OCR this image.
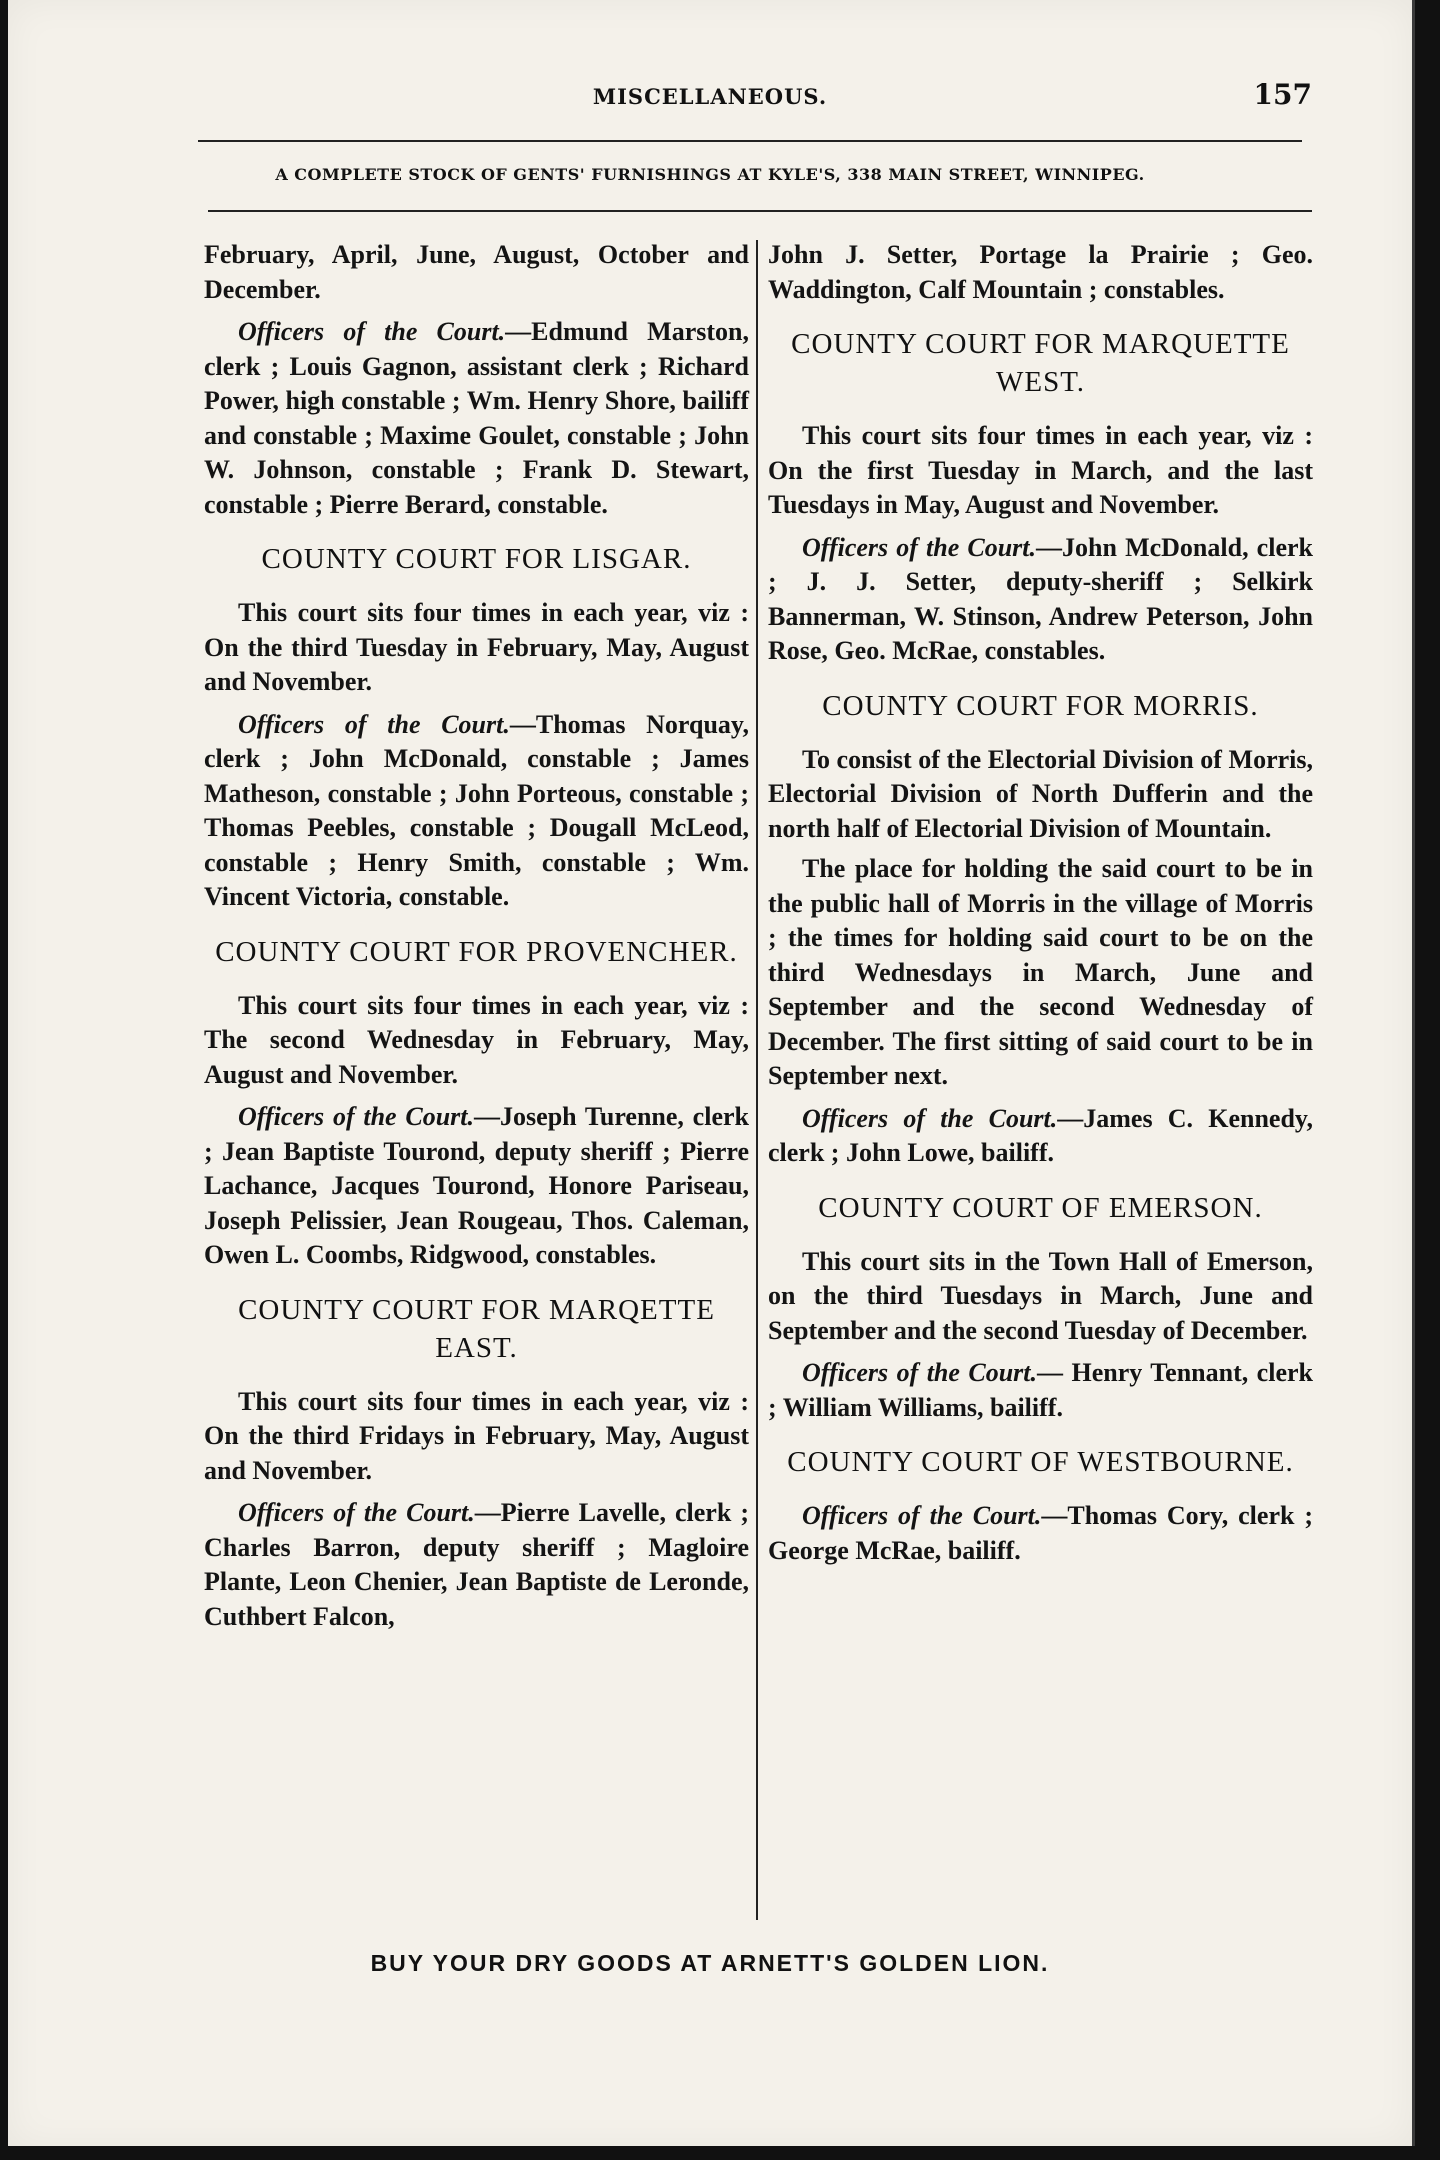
MISCELLANEOUS.	157
A COMPLETE STOCK OF GENTS' FURNISHINGS AT KYLE'S, 338 MAIN STREET, WINNIPEG.

February, April, June, August, October and December.

Officers of the Court.—Edmund Marston, clerk ; Louis Gagnon, assistant clerk ; Richard Power, high constable ; Wm. Henry Shore, bailiff and constable ; Maxime Goulet, constable ; John W. Johnson, constable ; Frank D. Stewart, constable ; Pierre Berard, constable.

COUNTY COURT FOR LISGAR.

This court sits four times in each year, viz : On the third Tuesday in February, May, August and November.

Officers of the Court.—Thomas Norquay, clerk ; John McDonald, constable ; James Matheson, constable ; John Porteous, constable ; Thomas Peebles, constable ; Dougall McLeod, constable ; Henry Smith, constable ; Wm. Vincent Victoria, constable.

COUNTY COURT FOR PROVENCHER.

This court sits four times in each year, viz : The second Wednesday in February, May, August and November.

Officers of the Court.—Joseph Turenne, clerk ; Jean Baptiste Tourond, deputy sheriff ; Pierre Lachance, Jacques Tourond, Honore Pariseau, Joseph Pelissier, Jean Rougeau, Thos. Caleman, Owen L. Coombs, Ridgwood, constables.

COUNTY COURT FOR MARQETTE EAST.

This court sits four times in each year, viz : On the third Fridays in February, May, August and November.

Officers of the Court.—Pierre Lavelle, clerk ; Charles Barron, deputy sheriff ; Magloire Plante, Leon Chenier, Jean Baptiste de Leronde, Cuthbert Falcon,

John J. Setter, Portage la Prairie ; Geo. Waddington, Calf Mountain ; constables.

COUNTY COURT FOR MARQUETTE WEST.

This court sits four times in each year, viz : On the first Tuesday in March, and the last Tuesdays in May, August and November.

Officers of the Court.—John McDonald, clerk ; J. J. Setter, deputy-sheriff ; Selkirk Bannerman, W. Stinson, Andrew Peterson, John Rose, Geo. McRae, constables.

COUNTY COURT FOR MORRIS.

To consist of the Electorial Division of Morris, Electorial Division of North Dufferin and the north half of Electorial Division of Mountain.

The place for holding the said court to be in the public hall of Morris in the village of Morris ; the times for holding said court to be on the third Wednesdays in March, June and September and the second Wednesday of December. The first sitting of said court to be in September next.

Officers of the Court.—James C. Kennedy, clerk ; John Lowe, bailiff.

COUNTY COURT OF EMERSON.

This court sits in the Town Hall of Emerson, on the third Tuesdays in March, June and September and the second Tuesday of December.

Officers of the Court.— Henry Tennant, clerk ; William Williams, bailiff.

COUNTY COURT OF WESTBOURNE.

Officers of the Court.—Thomas Cory, clerk ; George McRae, bailiff.

BUY YOUR DRY GOODS AT ARNETT'S GOLDEN LION.
